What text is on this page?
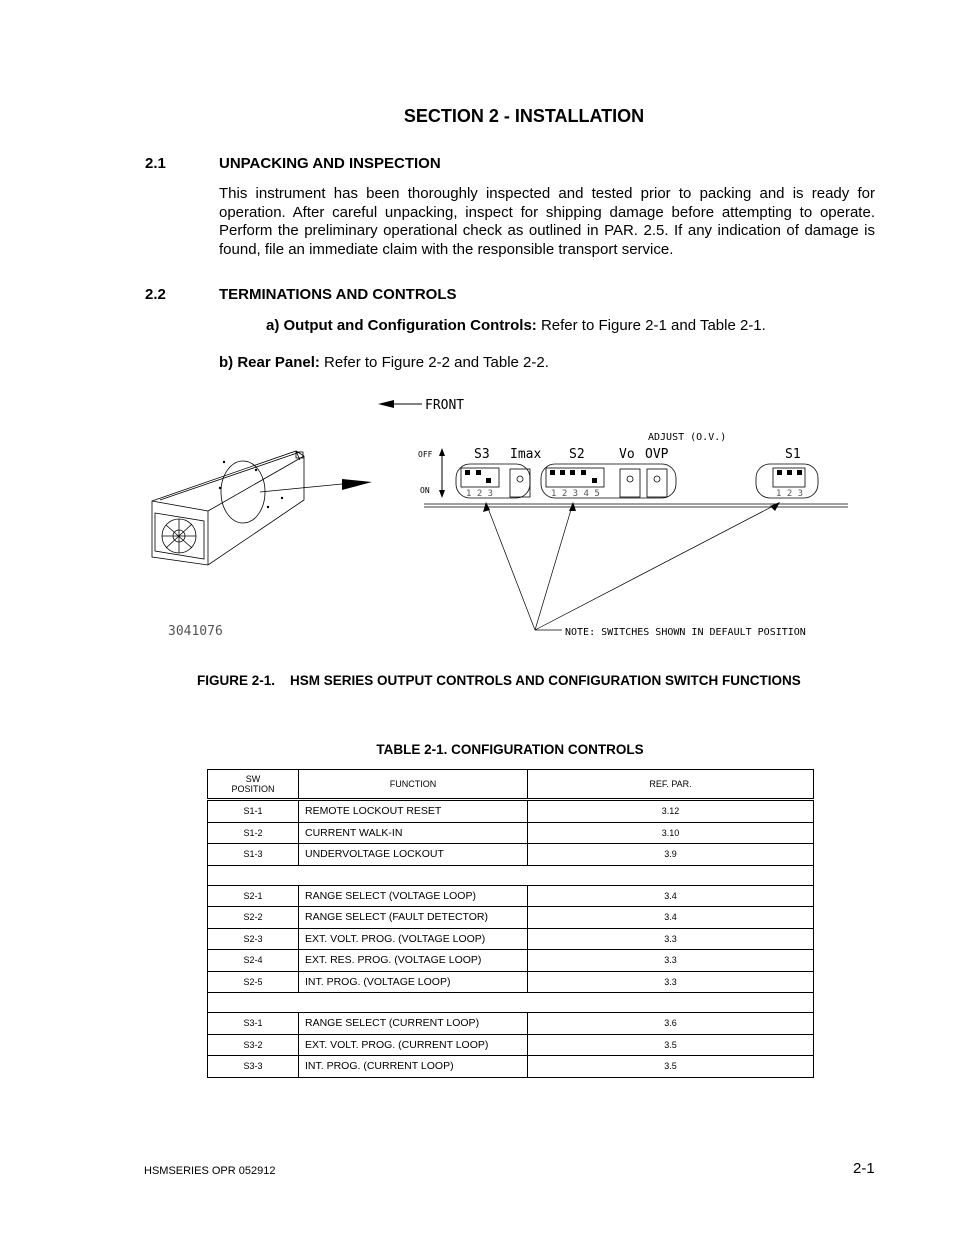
SECTION 2 - INSTALLATION
2.1	UNPACKING AND INSPECTION
This instrument has been thoroughly inspected and tested prior to packing and is ready for operation. After careful unpacking, inspect for shipping damage before attempting to operate. Perform the preliminary operational check as outlined in PAR. 2.5. If any indication of damage is found, file an immediate claim with the responsible transport service.
2.2	TERMINATIONS AND CONTROLS
a) Output and Configuration Controls: Refer to Figure 2-1 and Table 2-1.
b) Rear Panel: Refer to Figure 2-2 and Table 2-2.
FRONT
3041076
ADJUST (O.V.)
OFF
ON
S3 Imax S2	Vo OVP	S1
1 2 3	1 2 3 4 5	1 2 3
NOTE: SWITCHES SHOWN IN DEFAULT POSITION
FIGURE 2-1.    HSM SERIES OUTPUT CONTROLS AND CONFIGURATION SWITCH FUNCTIONS
TABLE 2-1. CONFIGURATION CONTROLS
SW
POSITION	FUNCTION	REF. PAR.
S1-1	REMOTE LOCKOUT RESET	3.12
S1-2	CURRENT WALK-IN	3.10
S1-3	UNDERVOLTAGE LOCKOUT	3.9

S2-1	RANGE SELECT (VOLTAGE LOOP)	3.4
S2-2	RANGE SELECT (FAULT DETECTOR)	3.4
S2-3	EXT. VOLT. PROG. (VOLTAGE LOOP)	3.3
S2-4	EXT. RES. PROG. (VOLTAGE LOOP)	3.3
S2-5	INT. PROG. (VOLTAGE LOOP)	3.3

S3-1	RANGE SELECT (CURRENT LOOP)	3.6
S3-2	EXT. VOLT. PROG. (CURRENT LOOP)	3.5
S3-3	INT. PROG. (CURRENT LOOP)	3.5
HSMSERIES OPR 052912	2-1
